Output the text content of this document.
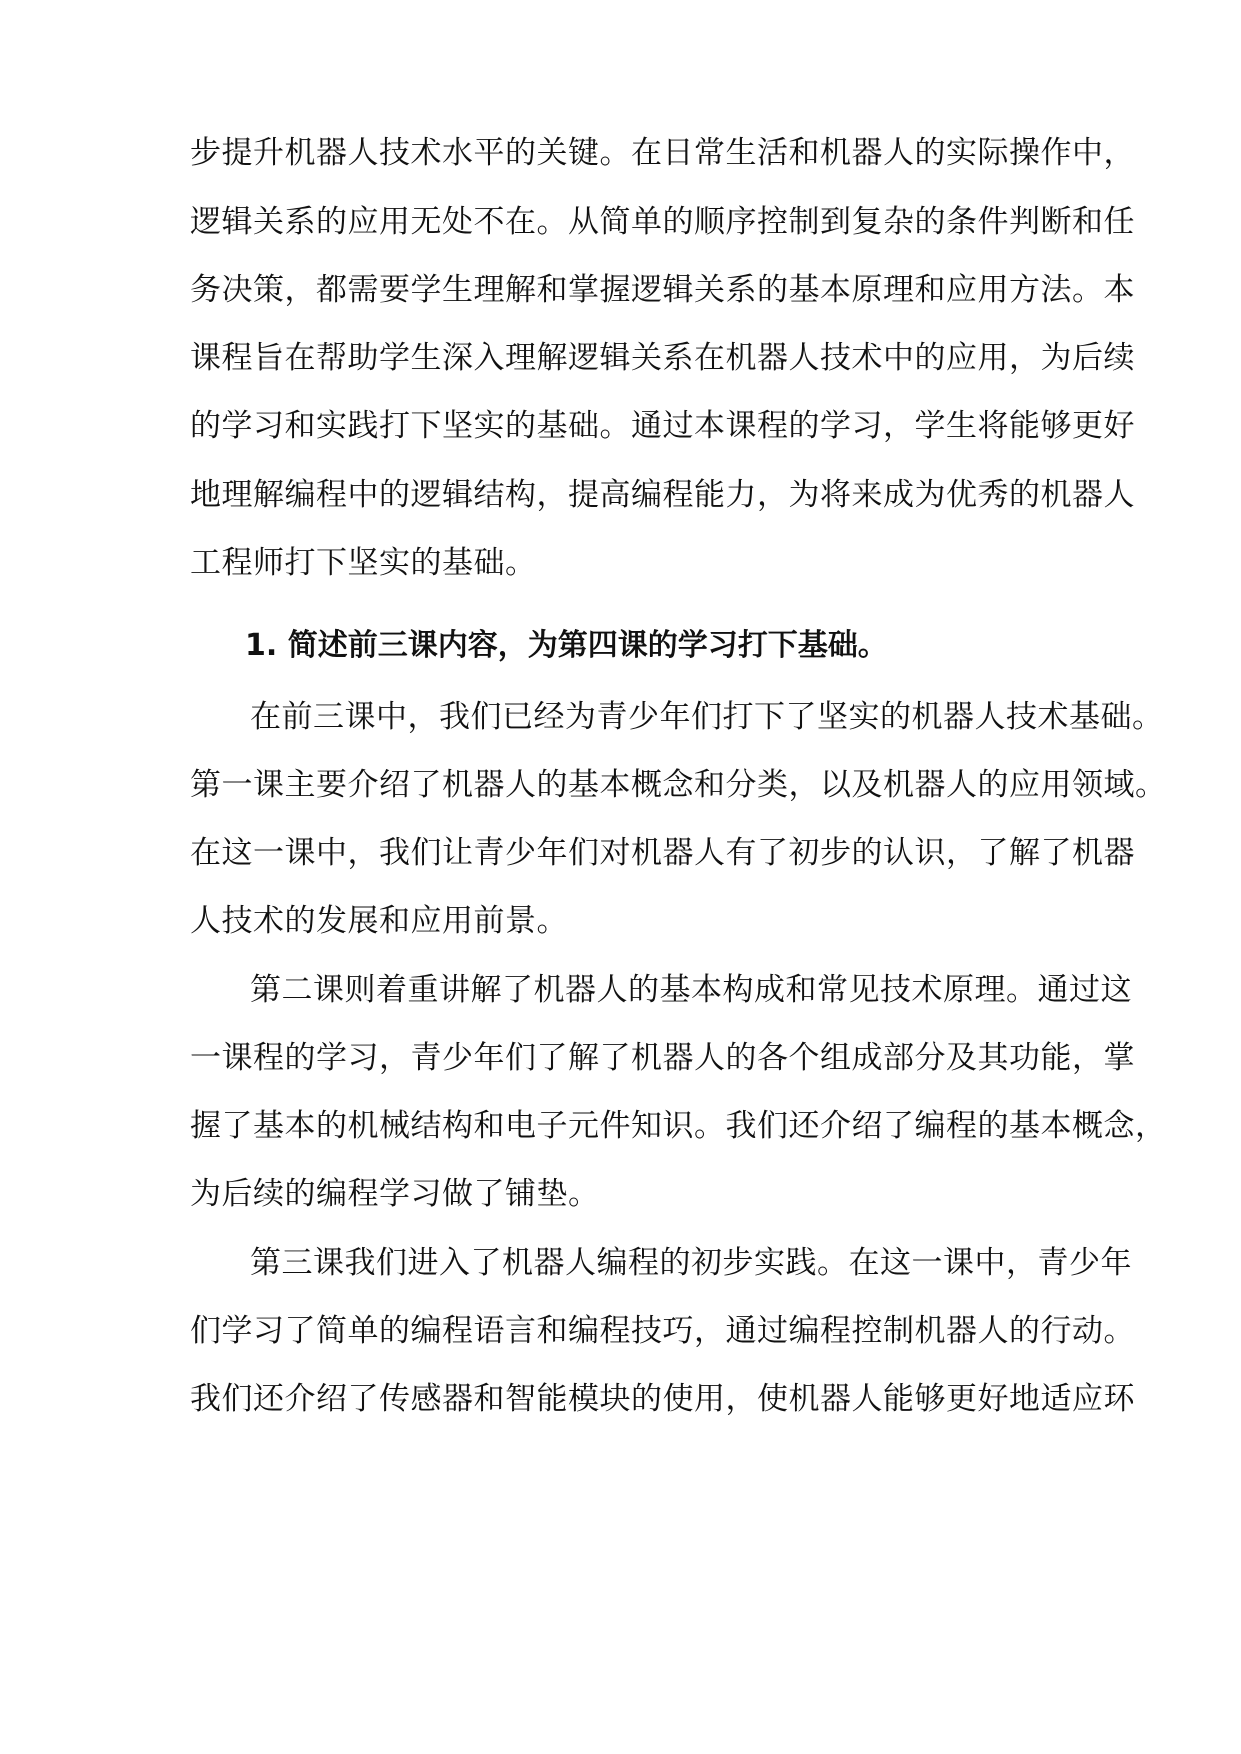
步提升机器人技术水平的关键。在日常生活和机器人的实际操作中，
逻辑关系的应用无处不在。从简单的顺序控制到复杂的条件判断和任
务决策，都需要学生理解和掌握逻辑关系的基本原理和应用方法。本
课程旨在帮助学生深入理解逻辑关系在机器人技术中的应用，为后续
的学习和实践打下坚实的基础。通过本课程的学习，学生将能够更好
地理解编程中的逻辑结构，提高编程能力，为将来成为优秀的机器人
工程师打下坚实的基础。
1. 简述前三课内容，为第四课的学习打下基础。
在前三课中，我们已经为青少年们打下了坚实的机器人技术基础。
第一课主要介绍了机器人的基本概念和分类，以及机器人的应用领域。
在这一课中，我们让青少年们对机器人有了初步的认识，了解了机器
人技术的发展和应用前景。
第二课则着重讲解了机器人的基本构成和常见技术原理。通过这
一课程的学习，青少年们了解了机器人的各个组成部分及其功能，掌
握了基本的机械结构和电子元件知识。我们还介绍了编程的基本概念，
为后续的编程学习做了铺垫。
第三课我们进入了机器人编程的初步实践。在这一课中，青少年
们学习了简单的编程语言和编程技巧，通过编程控制机器人的行动。
我们还介绍了传感器和智能模块的使用，使机器人能够更好地适应环
